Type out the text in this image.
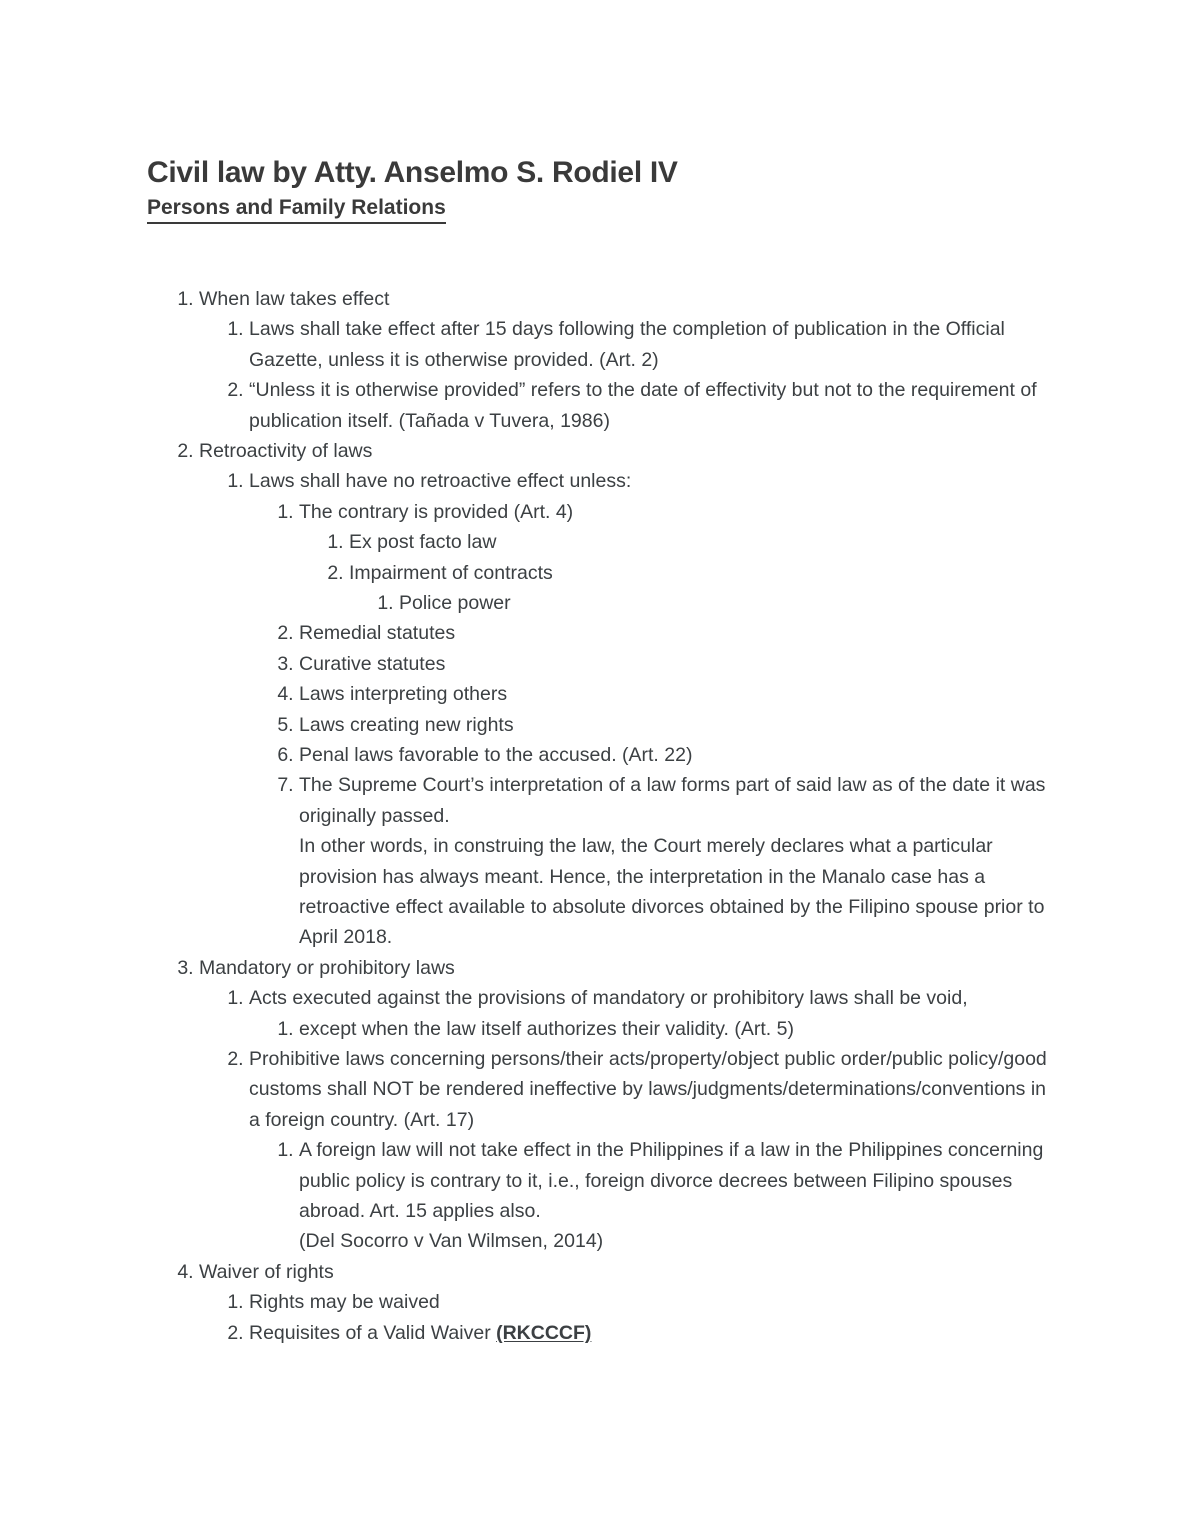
Civil law by Atty. Anselmo S. Rodiel IV
Persons and Family Relations

1. When law takes effect
1. Laws shall take effect after 15 days following the completion of publication in the Official Gazette, unless it is otherwise provided. (Art. 2)
2. “Unless it is otherwise provided” refers to the date of effectivity but not to the requirement of publication itself. (Tañada v Tuvera, 1986)
2. Retroactivity of laws
1. Laws shall have no retroactive effect unless:
1. The contrary is provided (Art. 4)
1. Ex post facto law
2. Impairment of contracts
1. Police power
2. Remedial statutes
3. Curative statutes
4. Laws interpreting others
5. Laws creating new rights
6. Penal laws favorable to the accused. (Art. 22)
7. The Supreme Court’s interpretation of a law forms part of said law as of the date it was originally passed.
In other words, in construing the law, the Court merely declares what a particular provision has always meant. Hence, the interpretation in the Manalo case has a retroactive effect available to absolute divorces obtained by the Filipino spouse prior to April 2018.
3. Mandatory or prohibitory laws
1. Acts executed against the provisions of mandatory or prohibitory laws shall be void,
1. except when the law itself authorizes their validity. (Art. 5)
2. Prohibitive laws concerning persons/their acts/property/object public order/public policy/good customs shall NOT be rendered ineffective by laws/judgments/determinations/conventions in a foreign country. (Art. 17)
1. A foreign law will not take effect in the Philippines if a law in the Philippines concerning public policy is contrary to it, i.e., foreign divorce decrees between Filipino spouses abroad. Art. 15 applies also.
(Del Socorro v Van Wilmsen, 2014)
4. Waiver of rights
1. Rights may be waived
2. Requisites of a Valid Waiver (RKCCCF)
